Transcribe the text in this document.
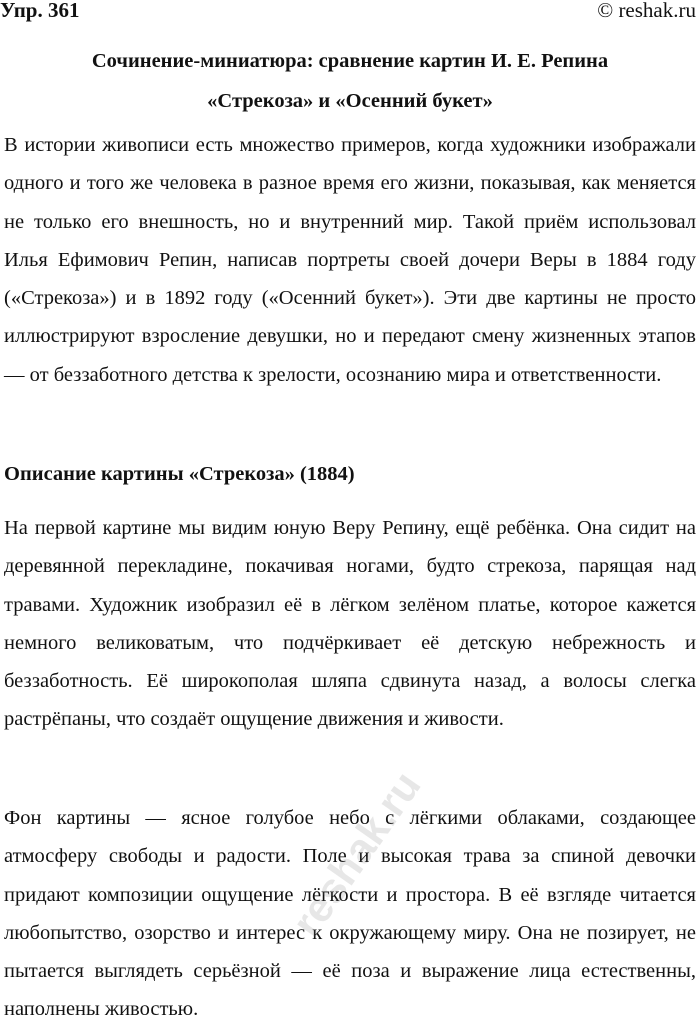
Упр. 361	© reshak.ru
Сочинение-миниатюра: сравнение картин И. Е. Репина
«Стрекоза» и «Осенний букет»

В истории живописи есть множество примеров, когда художники изображали одного и того же человека в разное время его жизни, показывая, как меняется не только его внешность, но и внутренний мир. Такой приём использовал Илья Ефимович Репин, написав портреты своей дочери Веры в 1884 году («Стрекоза») и в 1892 году («Осенний букет»). Эти две картины не просто иллюстрируют взросление девушки, но и передают смену жизненных этапов — от беззаботного детства к зрелости, осознанию мира и ответственности.

Описание картины «Стрекоза» (1884)

На первой картине мы видим юную Веру Репину, ещё ребёнка. Она сидит на деревянной перекладине, покачивая ногами, будто стрекоза, парящая над травами. Художник изобразил её в лёгком зелёном платье, которое кажется немного великоватым, что подчёркивает её детскую небрежность и беззаботность. Её широкополая шляпа сдвинута назад, а волосы слегка растрёпаны, что создаёт ощущение движения и живости.

Фон картины — ясное голубое небо с лёгкими облаками, создающее атмосферу свободы и радости. Поле и высокая трава за спиной девочки придают композиции ощущение лёгкости и простора. В её взгляде читается любопытство, озорство и интерес к окружающему миру. Она не позирует, не пытается выглядеть серьёзной — её поза и выражение лица естественны, наполнены живостью.

reshak.ru
